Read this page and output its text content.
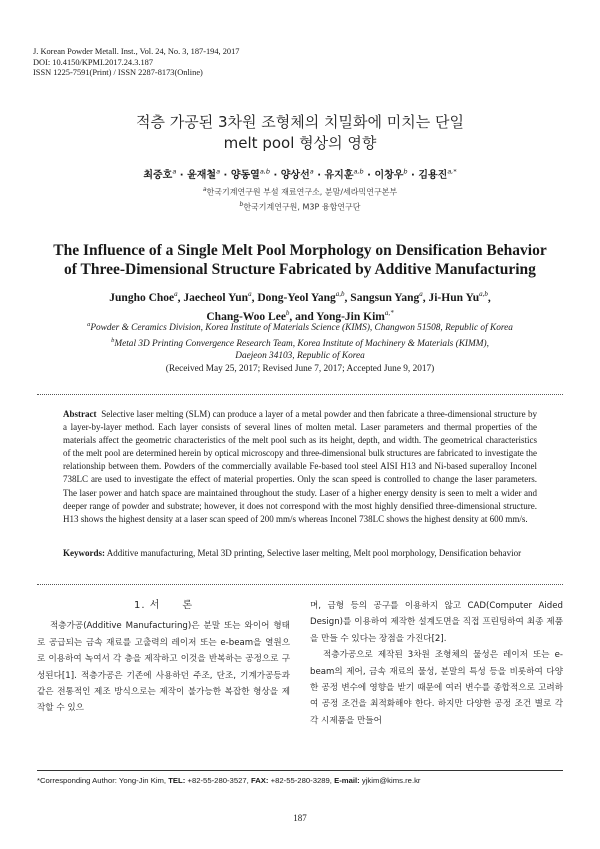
J. Korean Powder Metall. Inst., Vol. 24, No. 3, 187-194, 2017
DOI: 10.4150/KPMI.2017.24.3.187
ISSN 1225-7591(Print) / ISSN 2287-8173(Online)
적층 가공된 3차원 조형체의 치밀화에 미치는 단일
melt pool 형상의 영향
최중호$^a$ · 윤재철$^a$ · 양동열$^{a,b}$ · 양상선$^a$ · 유지훈$^{a,b}$ · 이창우$^b$ · 김용진$^{a,*}$
$^a$한국기계연구원 부설 재료연구소, 분말/세라믹연구본부
$^b$한국기계연구원, M3P 융합연구단
The Influence of a Single Melt Pool Morphology on Densification Behavior
of Three-Dimensional Structure Fabricated by Additive Manufacturing
Jungho Choe$^a$, Jaecheol Yun$^a$, Dong-Yeol Yang$^{a,b}$, Sangsun Yang$^a$, Ji-Hun Yu$^{a,b}$,
Chang-Woo Lee$^b$, and Yong-Jin Kim$^{a,*}$
$^a$Powder & Ceramics Division, Korea Institute of Materials Science (KIMS), Changwon 51508, Republic of Korea
$^b$Metal 3D Printing Convergence Research Team, Korea Institute of Machinery & Materials (KIMM),
Daejeon 34103, Republic of Korea
(Received May 25, 2017; Revised June 7, 2017; Accepted June 9, 2017)
Abstract Selective laser melting (SLM) can produce a layer of a metal powder and then fabricate a three-dimensional structure by a layer-by-layer method. Each layer consists of several lines of molten metal. Laser parameters and thermal properties of the materials affect the geometric characteristics of the melt pool such as its height, depth, and width. The geometrical characteristics of the melt pool are determined herein by optical microscopy and three-dimensional bulk structures are fabricated to investigate the relationship between them. Powders of the commercially available Fe-based tool steel AISI H13 and Ni-based superalloy Inconel 738LC are used to investigate the effect of material properties. Only the scan speed is controlled to change the laser parameters. The laser power and hatch space are maintained throughout the study. Laser of a higher energy density is seen to melt a wider and deeper range of powder and substrate; however, it does not correspond with the most highly densified three-dimensional structure. H13 shows the highest density at a laser scan speed of 200 mm/s whereas Inconel 738LC shows the highest density at 600 mm/s.
Keywords: Additive manufacturing, Metal 3D printing, Selective laser melting, Melt pool morphology, Densification behavior
1. 서　　론

적층가공(Additive Manufacturing)은 분말 또는 와이어 형태로 공급되는 금속 재료를 고출력의 레이저 또는 e-beam을 열원으로 이용하여 녹여서 각 층을 제작하고 이것을 반복하는 공정으로 구성된다[1]. 적층가공은 기존에 사용하던 주조, 단조, 기계가공등과 같은 전통적인 제조 방식으로는 제작이 불가능한 복잡한 형상을 제작할 수 있으

며, 금형 등의 공구를 이용하지 않고 CAD(Computer Aided Design)를 이용하여 제작한 설계도면을 직접 프린팅하여 최종 제품을 만들 수 있다는 장점을 가진다[2].

적층가공으로 제작된 3차원 조형체의 물성은 레이저 또는 e-beam의 제어, 금속 재료의 물성, 분말의 특성 등을 비롯하여 다양한 공정 변수에 영향을 받기 때문에 여러 변수를 종합적으로 고려하여 공정 조건을 최적화해야 한다. 하지만 다양한 공정 조건 별로 각각 시제품을 만들어

*Corresponding Author: Yong-Jin Kim, TEL: +82-55-280-3527, FAX: +82-55-280-3289, E-mail: yjkim@kims.re.kr
187
